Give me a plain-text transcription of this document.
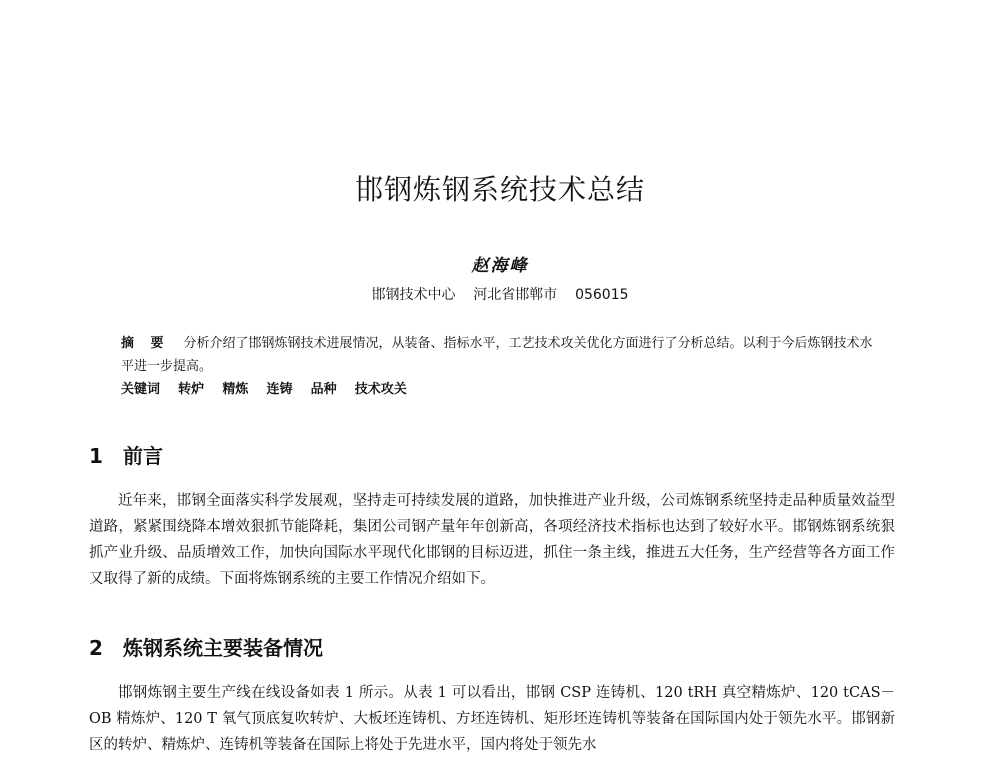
邯钢炼钢系统技术总结
赵海峰
邯钢技术中心    河北省邯郸市    056015
摘 要 分析介绍了邯钢炼钢技术进展情况，从装备、指标水平，工艺技术攻关优化方面进行了分析总结。以利于今后炼钢技术水平进一步提高。
关键词 转炉 精炼 连铸 品种 技术攻关
1 前言

近年来，邯钢全面落实科学发展观，坚持走可持续发展的道路，加快推进产业升级，公司炼钢系统坚持走品种质量效益型道路，紧紧围绕降本增效狠抓节能降耗，集团公司钢产量年年创新高，各项经济技术指标也达到了较好水平。邯钢炼钢系统狠抓产业升级、品质增效工作，加快向国际水平现代化邯钢的目标迈进，抓住一条主线，推进五大任务，生产经营等各方面工作又取得了新的成绩。下面将炼钢系统的主要工作情况介绍如下。

2 炼钢系统主要装备情况

邯钢炼钢主要生产线在线设备如表 1 所示。从表 1 可以看出，邯钢 CSP 连铸机、120 tRH 真空精炼炉、120 tCAS－OB 精炼炉、120 T 氧气顶底复吹转炉、大板坯连铸机、方坯连铸机、矩形坯连铸机等装备在国际国内处于领先水平。邯钢新区的转炉、精炼炉、连铸机等装备在国际上将处于先进水平，国内将处于领先水
